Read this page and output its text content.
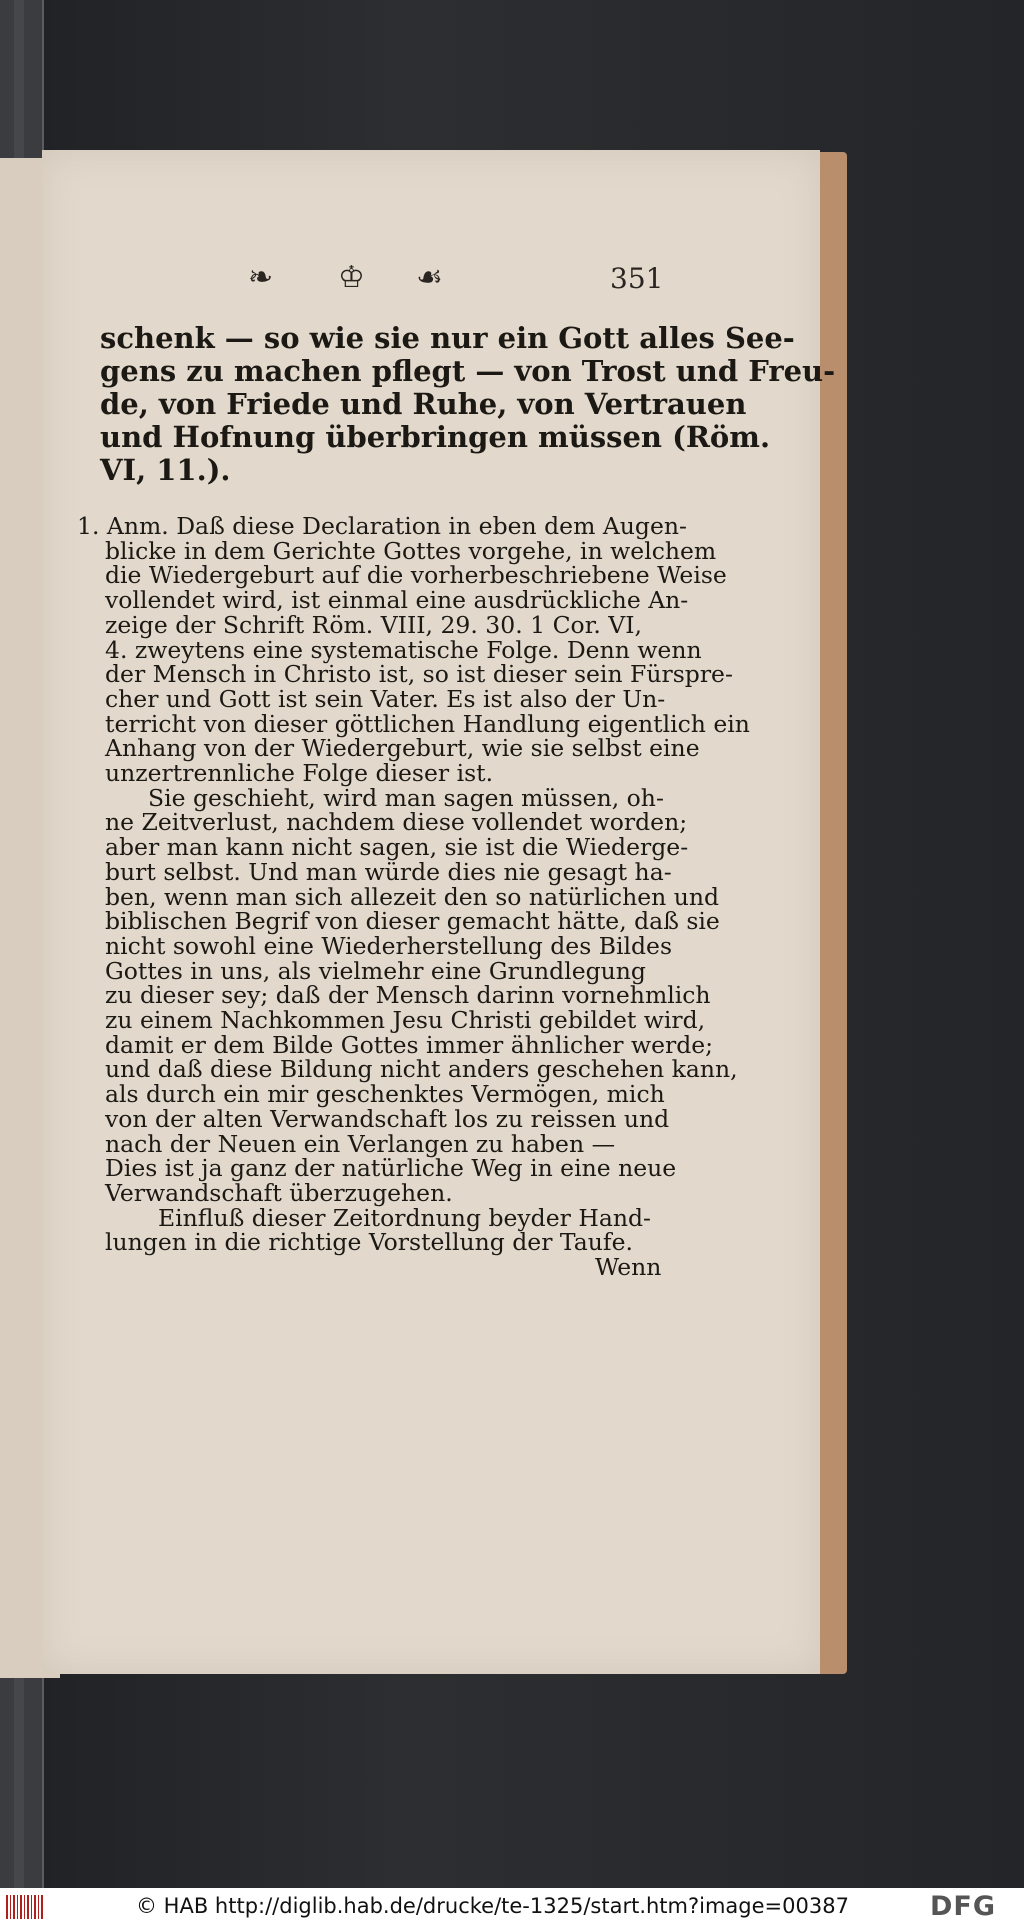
❧ ♔ ☙	351
schenk — so wie sie nur ein Gott alles See-
gens zu machen pflegt — von Trost und Freu-
de, von Friede und Ruhe, von Vertrauen
und Hofnung überbringen müssen (Röm.
VI, 11.).
1. Anm. Daß diese Declaration in eben dem Augen-
blicke in dem Gerichte Gottes vorgehe, in welchem
die Wiedergeburt auf die vorherbeschriebene Weise
vollendet wird, ist einmal eine ausdrückliche An-
zeige der Schrift Röm. VIII, 29. 30. 1 Cor. VI,
4. zweytens eine systematische Folge. Denn wenn
der Mensch in Christo ist, so ist dieser sein Fürspre-
cher und Gott ist sein Vater. Es ist also der Un-
terricht von dieser göttlichen Handlung eigentlich ein
Anhang von der Wiedergeburt, wie sie selbst eine
unzertrennliche Folge dieser ist.
Sie geschieht, wird man sagen müssen, oh-
ne Zeitverlust, nachdem diese vollendet worden;
aber man kann nicht sagen, sie ist die Wiederge-
burt selbst. Und man würde dies nie gesagt ha-
ben, wenn man sich allezeit den so natürlichen und
biblischen Begrif von dieser gemacht hätte, daß sie
nicht sowohl eine Wiederherstellung des Bildes
Gottes in uns, als vielmehr eine Grundlegung
zu dieser sey; daß der Mensch darinn vornehmlich
zu einem Nachkommen Jesu Christi gebildet wird,
damit er dem Bilde Gottes immer ähnlicher werde;
und daß diese Bildung nicht anders geschehen kann,
als durch ein mir geschenktes Vermögen, mich
von der alten Verwandschaft los zu reissen und
nach der Neuen ein Verlangen zu haben —
Dies ist ja ganz der natürliche Weg in eine neue
Verwandschaft überzugehen.
Einfluß dieser Zeitordnung beyder Hand-
lungen in die richtige Vorstellung der Taufe.
Wenn
© HAB http://diglib.hab.de/drucke/te-1325/start.htm?image=00387	DFG
